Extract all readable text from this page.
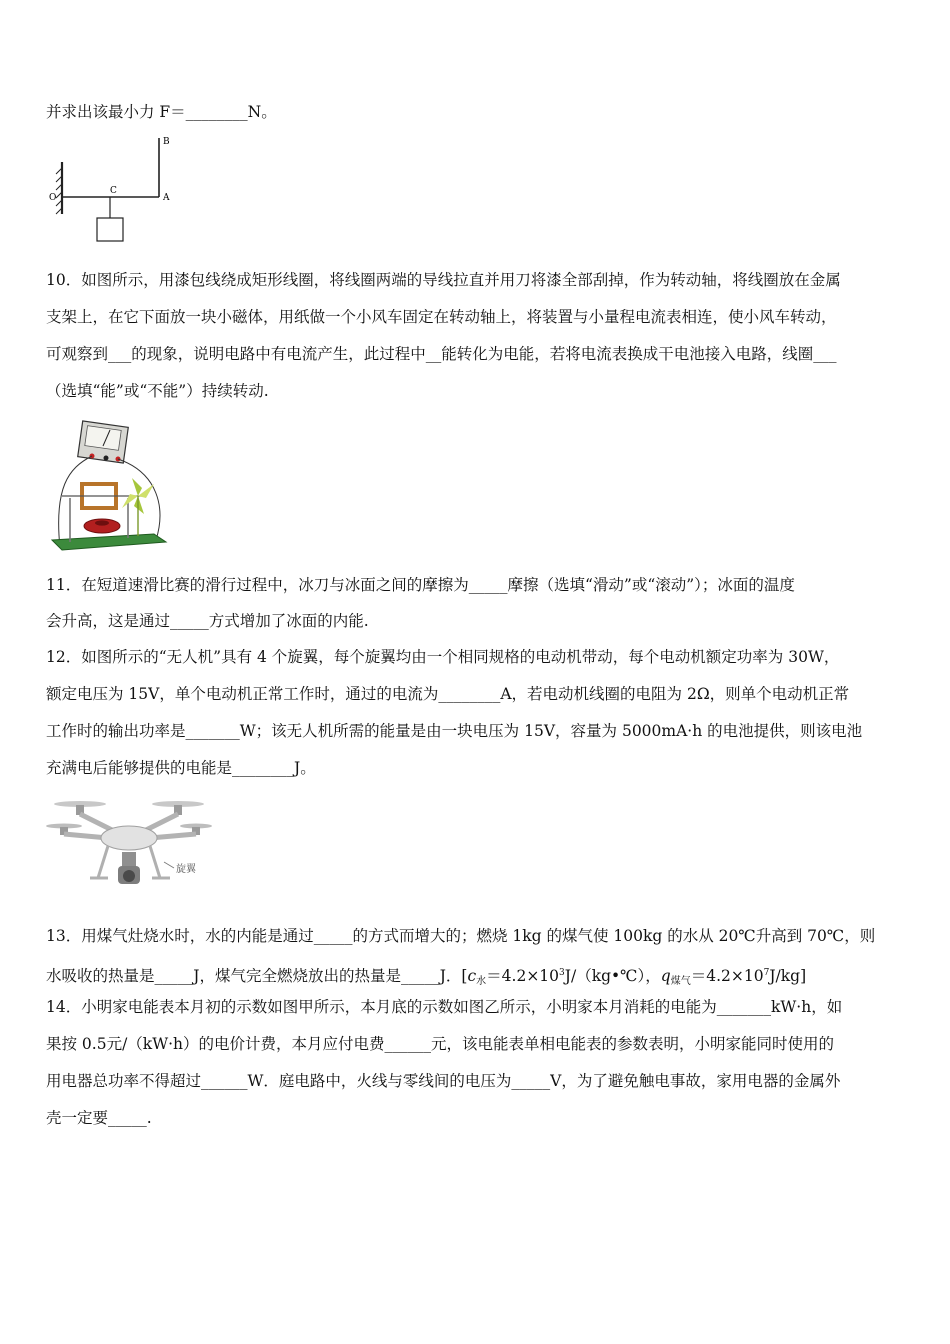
并求出该最小力 F＝________N。
O	A
B
C
10．如图所示，用漆包线绕成矩形线圈，将线圈两端的导线拉直并用刀将漆全部刮掉，作为转动轴，将线圈放在金属
支架上，在它下面放一块小磁体，用纸做一个小风车固定在转动轴上，将装置与小量程电流表相连，使小风车转动，
可观察到___的现象，说明电路中有电流产生，此过程中__能转化为电能，若将电流表换成干电池接入电路，线圈___
（选填“能”或“不能”）持续转动.
11．在短道速滑比赛的滑行过程中，冰刀与冰面之间的摩擦为_____摩擦（选填“滑动”或“滚动”）；冰面的温度
会升高，这是通过_____方式增加了冰面的内能.
12．如图所示的“无人机”具有 4 个旋翼，每个旋翼均由一个相同规格的电动机带动，每个电动机额定功率为 30W，
额定电压为 15V，单个电动机正常工作时，通过的电流为________A，若电动机线圈的电阻为 2Ω，则单个电动机正常
工作时的输出功率是_______W；该无人机所需的能量是由一块电压为 15V，容量为 5000mA·h 的电池提供，则该电池
充满电后能够提供的电能是________J。
旋翼
13．用煤气灶烧水时，水的内能是通过_____的方式而增大的；燃烧 1kg 的煤气使 100kg 的水从 20℃升高到 70℃，则
水吸收的热量是_____J，煤气完全燃烧放出的热量是_____J．[$c_水=4.2\times 10^3J/(kg•℃)$，$q_{煤气}=4.2\times 10^7J/kg$]
14．小明家电能表本月初的示数如图甲所示，本月底的示数如图乙所示，小明家本月消耗的电能为_______kW·h，如
果按 0.5元/（kW·h）的电价计费，本月应付电费______元，该电能表单相电能表的参数表明，小明家能同时使用的
用电器总功率不得超过______W．庭电路中，火线与零线间的电压为_____V，为了避免触电事故，家用电器的金属外
壳一定要_____.
